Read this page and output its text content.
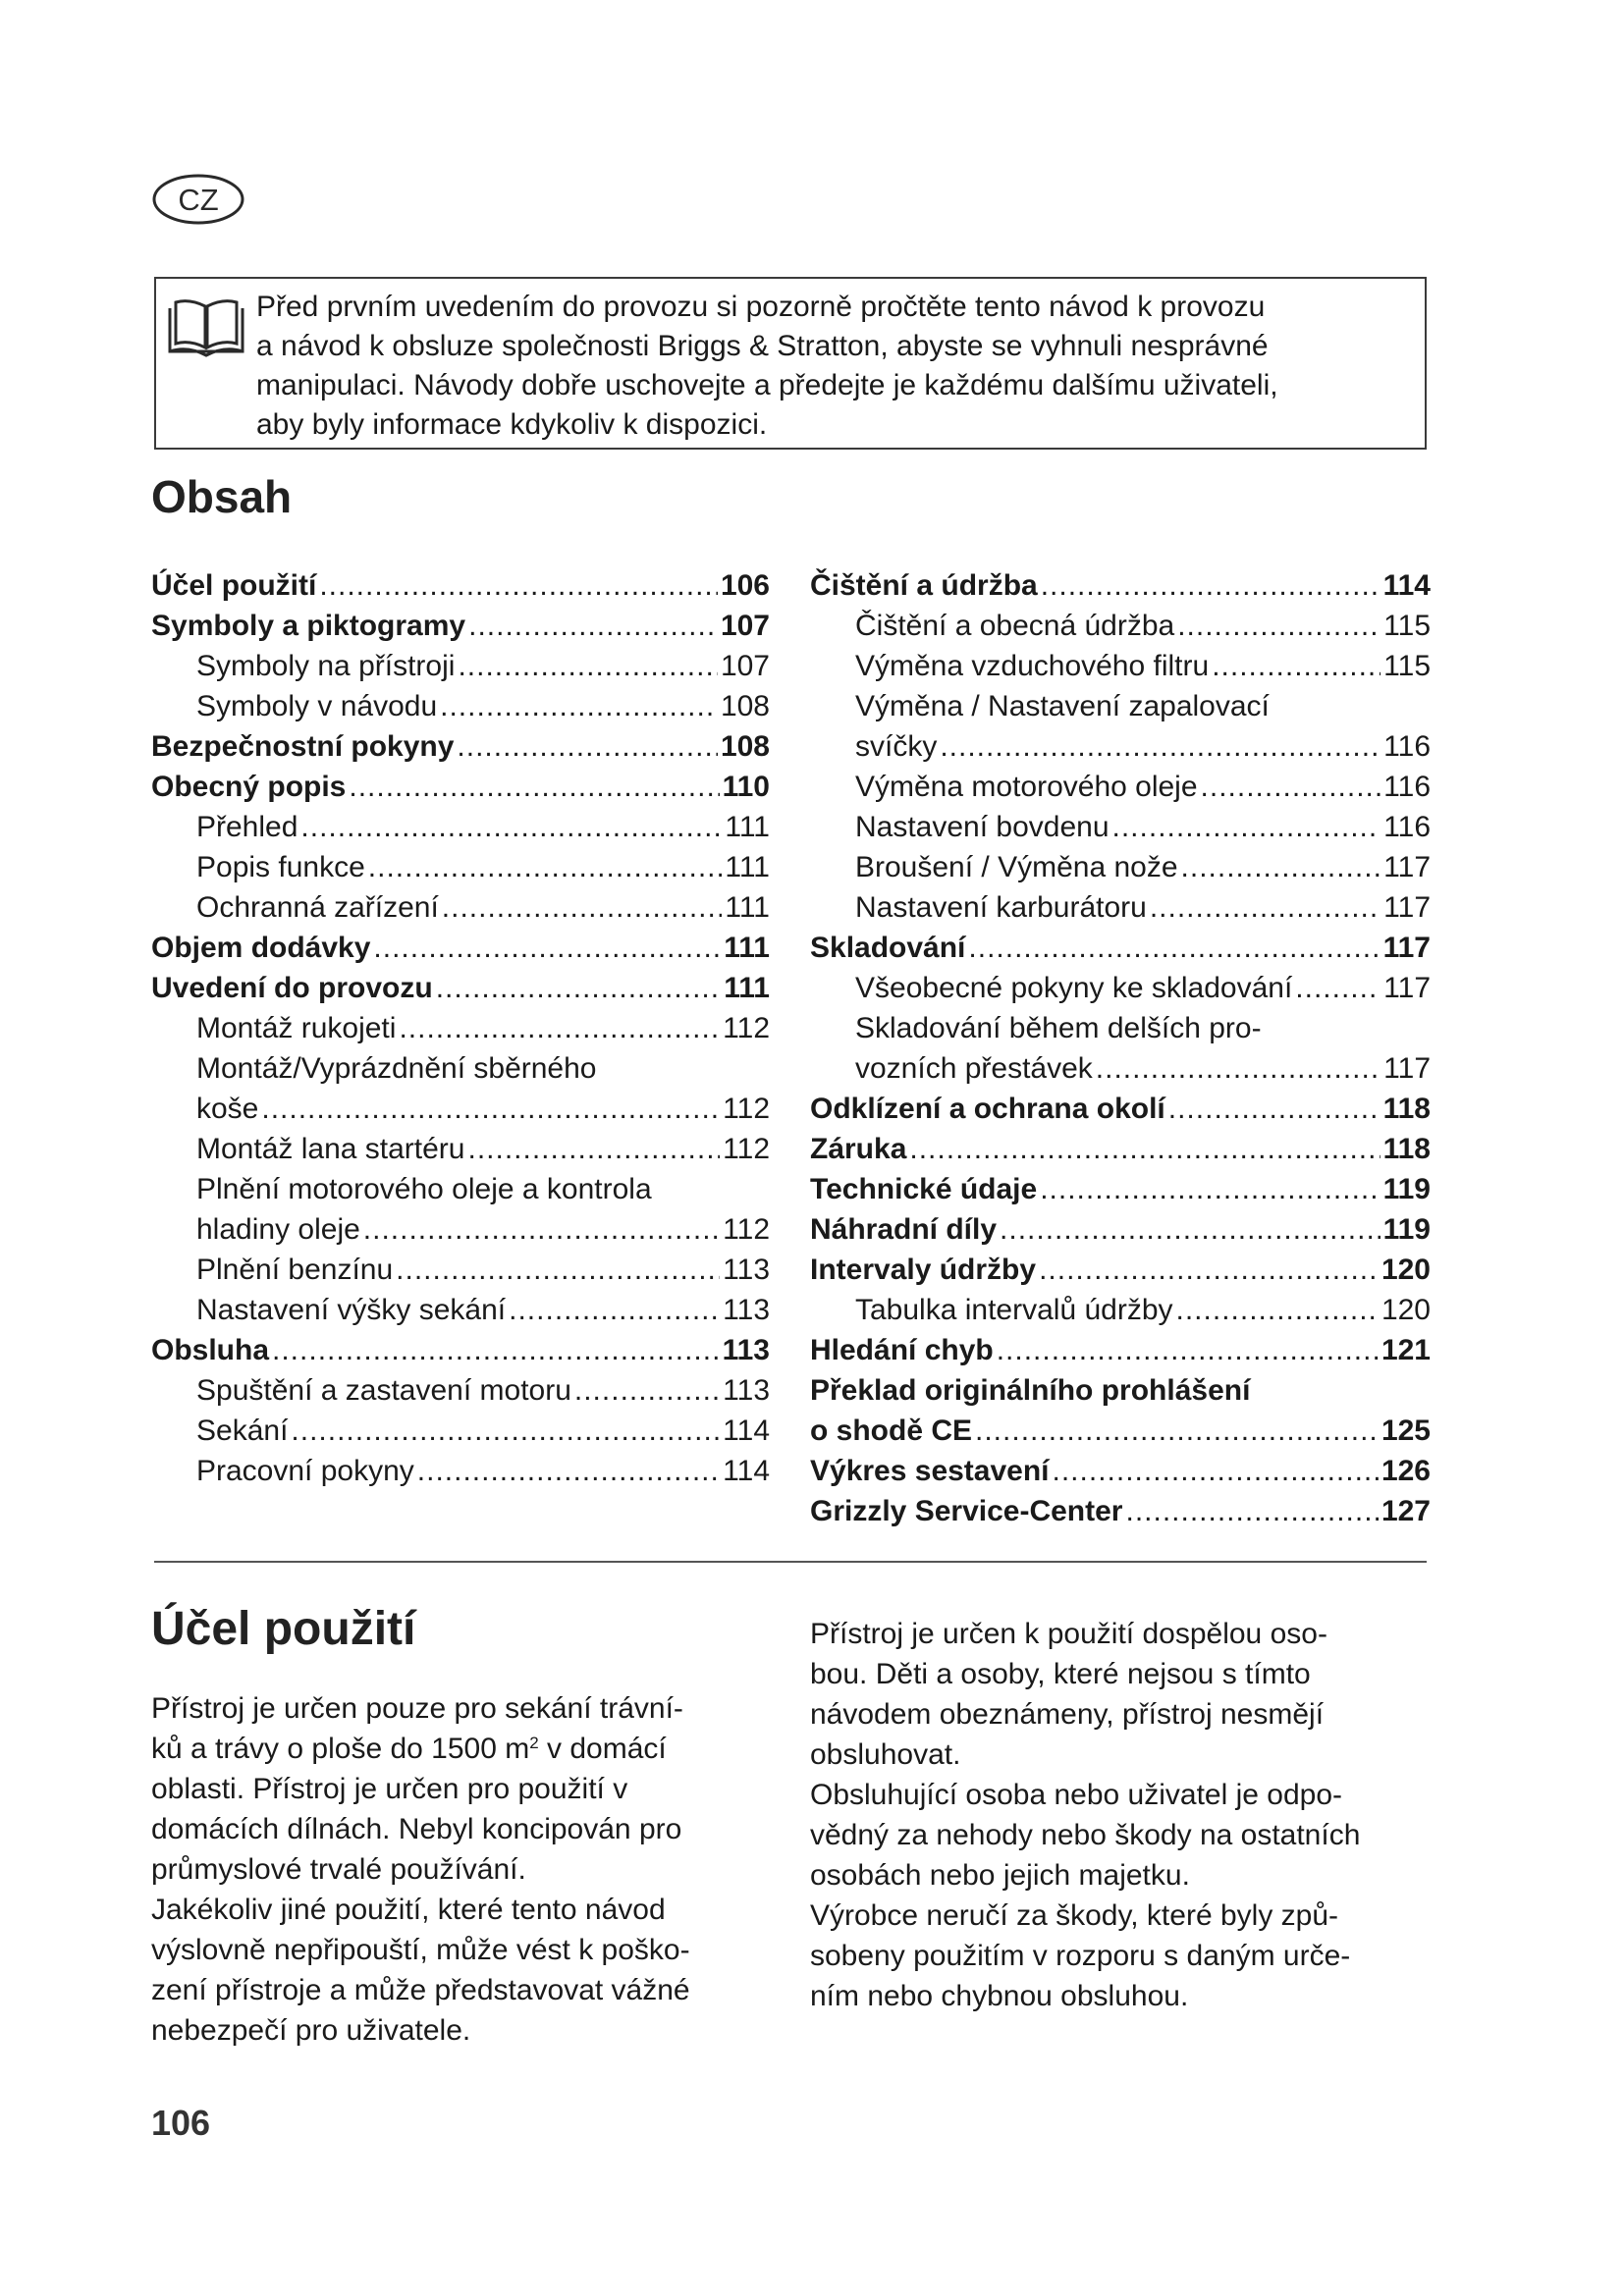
CZ

Před prvním uvedením do provozu si pozorně pročtěte tento návod k provozu
a návod k obsluze společnosti Briggs & Stratton, abyste se vyhnuli nesprávné
manipulaci. Návody dobře uschovejte a předejte je každému dalšímu uživateli,
aby byly informace kdykoliv k dispozici.

Obsah
Účel použití .....	106
Symboly a piktogramy .....	107
Symboly na přístroji .....	107
Symboly v návodu .....	108
Bezpečnostní pokyny .....	108
Obecný popis .....	110
Přehled .....	111
Popis funkce .....	111
Ochranná zařízení .....	111
Objem dodávky .....	111
Uvedení do provozu .....	111
Montáž rukojeti .....	112
Montáž/Vyprázdnění sběrného
koše .....	112
Montáž lana startéru .....	112
Plnění motorového oleje a kontrola
hladiny oleje .....	112
Plnění benzínu .....	113
Nastavení výšky sekání .....	113
Obsluha .....	113
Spuštění a zastavení motoru .....	113
Sekání .....	114
Pracovní pokyny .....	114
Čištění a údržba .....	114
Čištění a obecná údržba .....	115
Výměna vzduchového filtru .....	115
Výměna / Nastavení zapalovací
svíčky .....	116
Výměna motorového oleje .....	116
Nastavení bovdenu .....	116
Broušení / Výměna nože .....	117
Nastavení karburátoru .....	117
Skladování .....	117
Všeobecné pokyny ke skladování .....	117
Skladování během delších pro-
vozních přestávek .....	117
Odklízení a ochrana okolí .....	118
Záruka .....	118
Technické údaje .....	119
Náhradní díly .....	119
Intervaly údržby .....	120
Tabulka intervalů údržby .....	120
Hledání chyb .....	121
Překlad originálního prohlášení
o shodě CE .....	125
Výkres sestavení .....	126
Grizzly Service-Center .....	127
Účel použití

Přístroj je určen pouze pro sekání trávní-
ků a trávy o ploše do 1500 $m^2$ v domácí
oblasti. Přístroj je určen pro použití v
domácích dílnách. Nebyl koncipován pro
průmyslové trvalé používání.

Jakékoliv jiné použití, které tento návod
výslovně nepřipouští, může vést k poško-
zení přístroje a může představovat vážné
nebezpečí pro uživatele.

Přístroj je určen k použití dospělou oso-
bou. Děti a osoby, které nejsou s tímto
návodem obeznámeny, přístroj nesmějí
obsluhovat.

Obsluhující osoba nebo uživatel je odpo-
vědný za nehody nebo škody na ostatních
osobách nebo jejich majetku.

Výrobce neručí za škody, které byly způ-
sobeny použitím v rozporu s daným urče-
ním nebo chybnou obsluhou.

106
